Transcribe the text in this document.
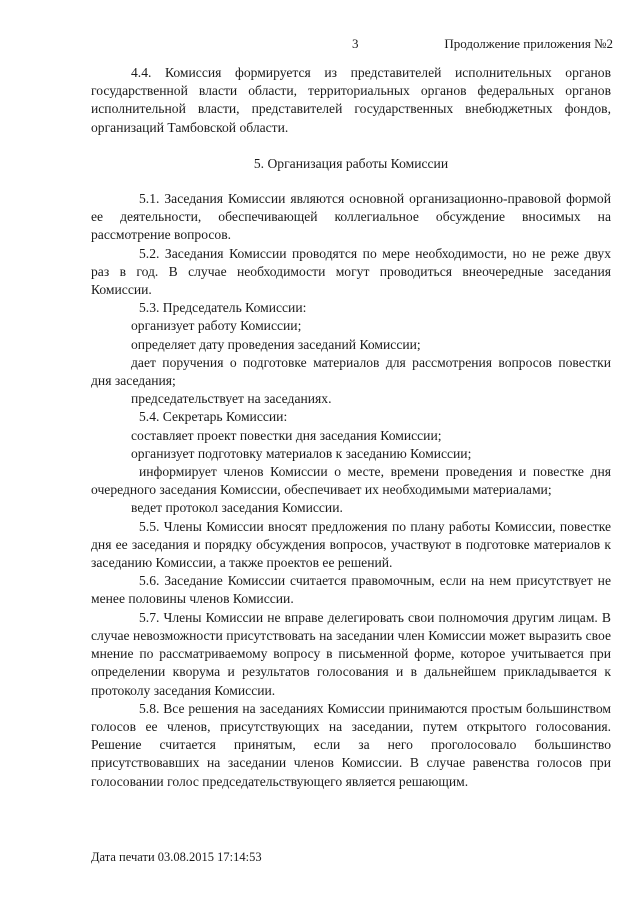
3	Продолжение приложения №2

4.4. Комиссия формируется из представителей исполнительных органов государственной власти области, территориальных органов федеральных органов исполнительной власти, представителей государственных внебюджетных фондов, организаций Тамбовской области.

5. Организация работы Комиссии

5.1. Заседания Комиссии являются основной организационно-правовой формой ее деятельности, обеспечивающей коллегиальное обсуждение вносимых на рассмотрение вопросов.

5.2. Заседания Комиссии проводятся по мере необходимости, но не реже двух раз в год. В случае необходимости могут проводиться внеочередные заседания Комиссии.

5.3. Председатель Комиссии:

организует работу Комиссии;

определяет дату проведения заседаний Комиссии;

дает поручения о подготовке материалов для рассмотрения вопросов повестки дня заседания;

председательствует на заседаниях.

5.4. Секретарь Комиссии:

составляет проект повестки дня заседания Комиссии;

организует подготовку материалов к заседанию Комиссии;

информирует членов Комиссии о месте, времени проведения и повестке дня очередного заседания Комиссии, обеспечивает их необходимыми материалами;

ведет протокол заседания Комиссии.

5.5. Члены Комиссии вносят предложения по плану работы Комиссии, повестке дня ее заседания и порядку обсуждения вопросов, участвуют в подготовке материалов к заседанию Комиссии, а также проектов ее решений.

5.6. Заседание Комиссии считается правомочным, если на нем присутствует не менее половины членов Комиссии.

5.7. Члены Комиссии не вправе делегировать свои полномочия другим лицам. В случае невозможности присутствовать на заседании член Комиссии может выразить свое мнение по рассматриваемому вопросу в письменной форме, которое учитывается при определении кворума и результатов голосования и в дальнейшем прикладывается к протоколу заседания Комиссии.

5.8. Все решения на заседаниях Комиссии принимаются простым большинством голосов ее членов, присутствующих на заседании, путем открытого голосования. Решение считается принятым, если за него проголосовало большинство присутствовавших на заседании членов Комиссии. В случае равенства голосов при голосовании голос председательствующего является решающим.

Дата печати 03.08.2015 17:14:53
